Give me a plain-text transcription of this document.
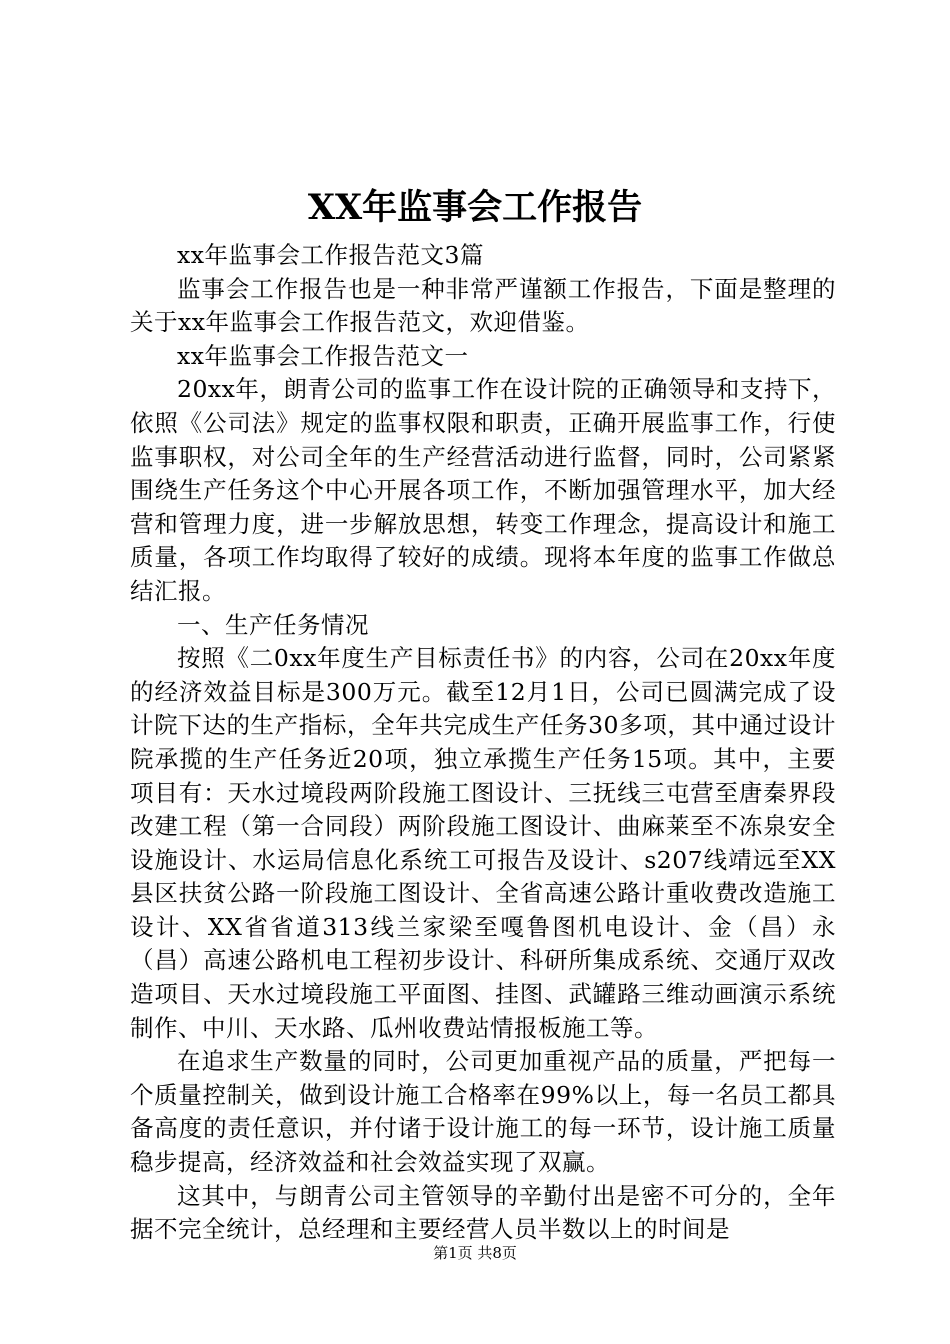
XX年监事会工作报告

xx年监事会工作报告范文3篇

监事会工作报告也是一种非常严谨额工作报告，下面是整理的关于xx年监事会工作报告范文，欢迎借鉴。

xx年监事会工作报告范文一

20xx年，朗青公司的监事工作在设计院的正确领导和支持下，依照《公司法》规定的监事权限和职责，正确开展监事工作，行使监事职权，对公司全年的生产经营活动进行监督，同时，公司紧紧围绕生产任务这个中心开展各项工作，不断加强管理水平，加大经营和管理力度，进一步解放思想，转变工作理念，提高设计和施工质量，各项工作均取得了较好的成绩。现将本年度的监事工作做总结汇报。

一、生产任务情况

按照《二0xx年度生产目标责任书》的内容，公司在20xx年度的经济效益目标是300万元。截至12月1日，公司已圆满完成了设计院下达的生产指标，全年共完成生产任务30多项，其中通过设计院承揽的生产任务近20项，独立承揽生产任务15项。其中，主要项目有：天水过境段两阶段施工图设计、三抚线三屯营至唐秦界段改建工程（第一合同段）两阶段施工图设计、曲麻莱至不冻泉安全设施设计、水运局信息化系统工可报告及设计、s207线靖远至XX县区扶贫公路一阶段施工图设计、全省高速公路计重收费改造施工设计、XX省省道313线兰家梁至嘎鲁图机电设计、金（昌）永（昌）高速公路机电工程初步设计、科研所集成系统、交通厅双改造项目、天水过境段施工平面图、挂图、武罐路三维动画演示系统制作、中川、天水路、瓜州收费站情报板施工等。

在追求生产数量的同时，公司更加重视产品的质量，严把每一个质量控制关，做到设计施工合格率在99%以上，每一名员工都具备高度的责任意识，并付诸于设计施工的每一环节，设计施工质量稳步提高，经济效益和社会效益实现了双赢。

这其中，与朗青公司主管领导的辛勤付出是密不可分的，全年据不完全统计，总经理和主要经营人员半数以上的时间是

第1页 共8页
